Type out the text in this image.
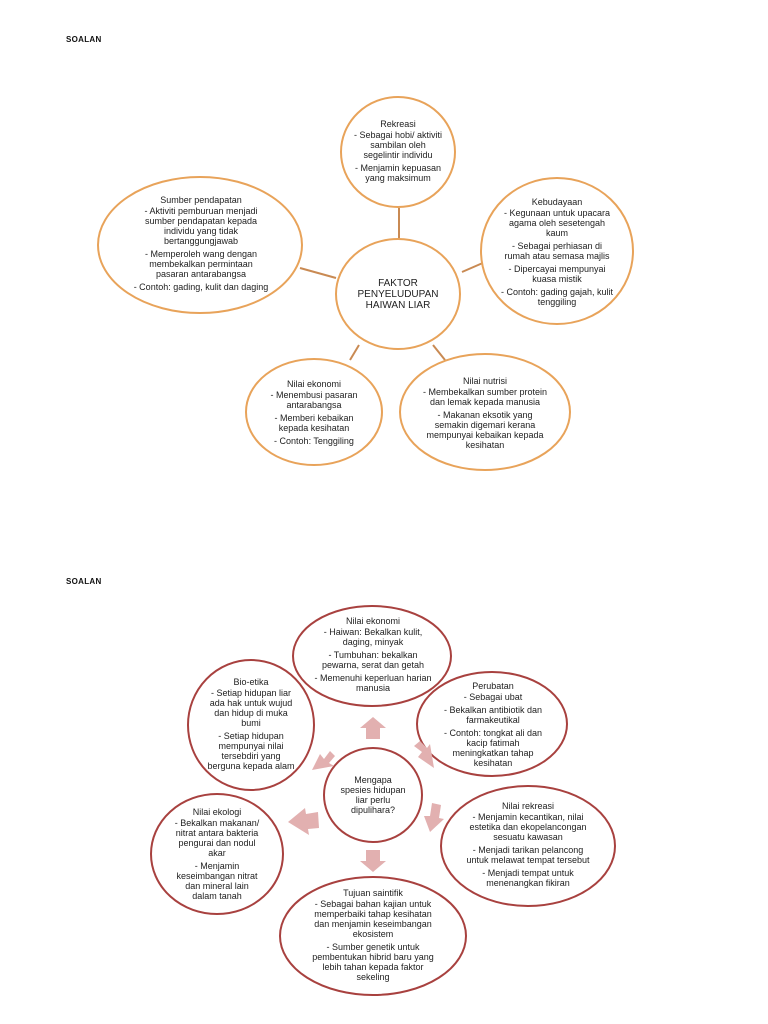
SOALAN
FAKTOR PENYELUDUPAN HAIWAN LIAR
Rekreasi
- Sebagai hobi/ aktiviti sambilan oleh segelintir individu
- Menjamin kepuasan yang maksimum
Kebudayaan
- Kegunaan untuk upacara agama oleh sesetengah kaum
- Sebagai perhiasan di rumah atau semasa majlis
- Dipercayai mempunyai kuasa mistik
- Contoh: gading gajah, kulit tenggiling
Nilai nutrisi
- Membekalkan sumber protein dan lemak kepada manusia
- Makanan eksotik yang semakin digemari kerana mempunyai kebaikan kepada kesihatan
Nilai ekonomi
- Menembusi pasaran antarabangsa
- Memberi kebaikan kepada kesihatan
- Contoh: Tenggiling
Sumber pendapatan
- Aktiviti pemburuan menjadi sumber pendapatan kepada individu yang tidak bertanggungjawab
- Memperoleh wang dengan membekalkan permintaan pasaran antarabangsa
- Contoh: gading, kulit dan daging
SOALAN
Mengapa spesies hidupan liar perlu dipulihara?
Nilai ekonomi
- Haiwan: Bekalkan kulit, daging, minyak
- Tumbuhan: bekalkan pewarna, serat dan getah
- Memenuhi keperluan harian manusia	Perubatan
- Sebagai ubat
- Bekalkan antibiotik dan farmakeutikal
- Contoh: tongkat ali dan kacip fatimah meningkatkan tahap kesihatan
Nilai rekreasi
- Menjamin kecantikan, nilai estetika dan ekopelancongan sesuatu kawasan
- Menjadi tarikan pelancong untuk melawat tempat tersebut
- Menjadi tempat untuk menenangkan fikiran
Tujuan saintifik
- Sebagai bahan kajian untuk memperbaiki tahap kesihatan dan menjamin keseimbangan ekosistem
- Sumber genetik untuk pembentukan hibrid baru yang lebih tahan kepada faktor sekeling
Nilai ekologi
- Bekalkan makanan/ nitrat antara bakteria pengurai dan nodul akar
- Menjamin keseimbangan nitrat dan mineral lain dalam tanah
Bio-etika
- Setiap hidupan liar ada hak untuk wujud dan hidup di muka bumi
- Setiap hidupan mempunyai nilai tersebdiri yang berguna kepada alam
